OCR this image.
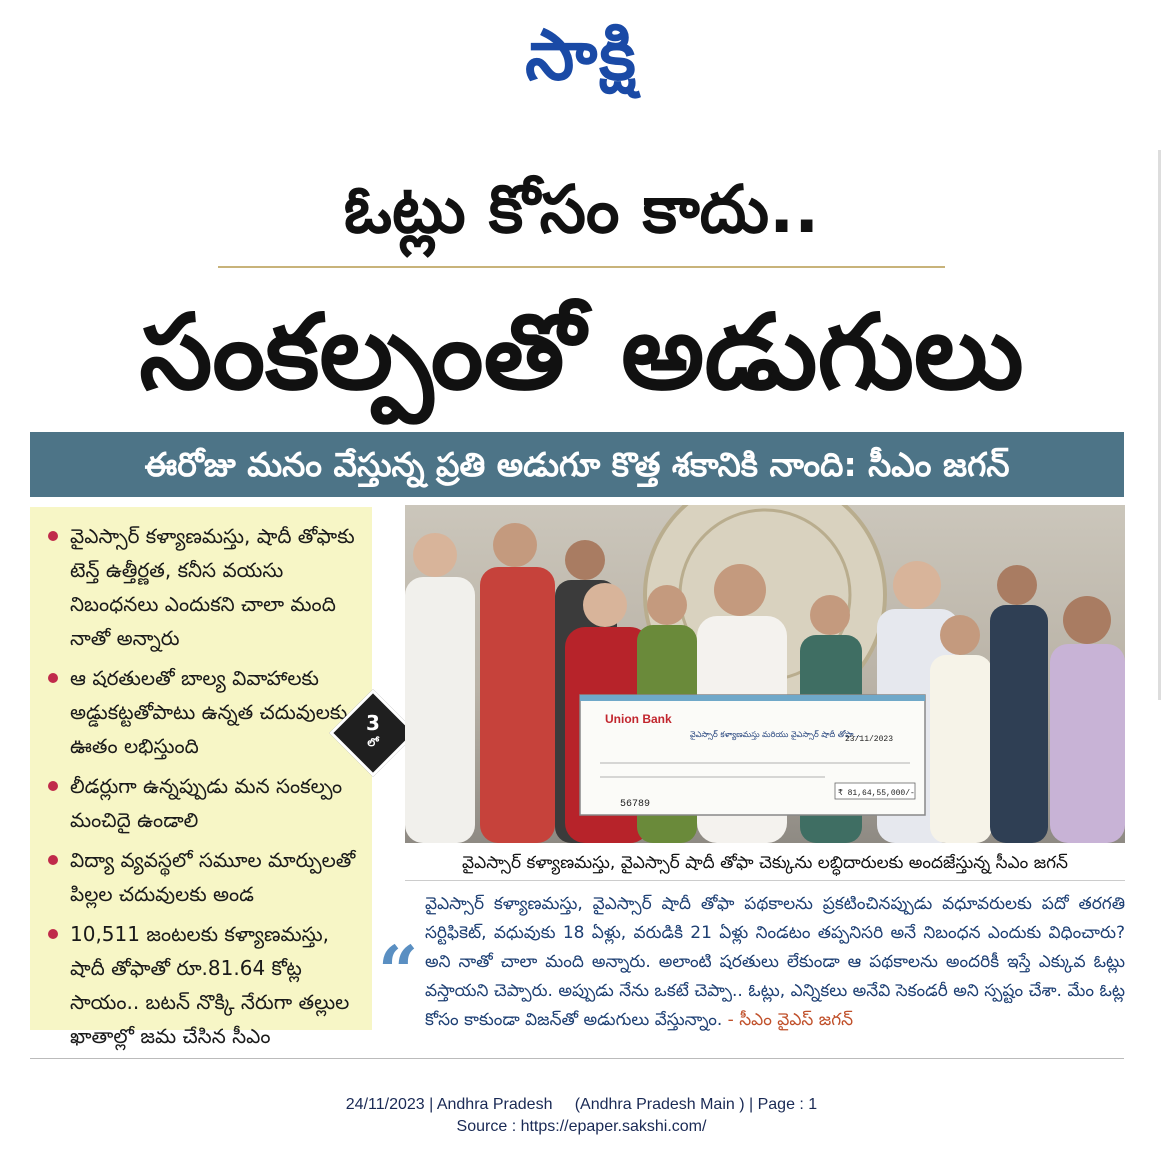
సాక్షి
ఓట్లు కోసం కాదు..
సంకల్పంతో అడుగులు
ఈరోజు మనం వేస్తున్న ప్రతి అడుగూ కొత్త శకానికి నాంది: సీఎం జగన్
వైఎస్సార్ కళ్యాణమస్తు, షాదీ తోఫాకు టెన్త్ ఉత్తీర్ణత, కనీస వయసు నిబంధనలు ఎందుకని చాలా మంది నాతో అన్నారు
ఆ షరతులతో బాల్య వివాహాలకు అడ్డుకట్టతోపాటు ఉన్నత చదువులకు ఊతం లభిస్తుంది
లీడర్లుగా ఉన్నప్పుడు మన సంకల్పం మంచిదై ఉండాలి
విద్యా వ్యవస్థలో సమూల మార్పులతో పిల్లల చదువులకు అండ
10,511 జంటలకు కళ్యాణమస్తు, షాదీ తోఫాతో రూ.81.64 కోట్ల సాయం.. బటన్ నొక్కి నేరుగా తల్లుల ఖాతాల్లో జమ చేసిన సీఎం
3
లో
Union Bank
వైఎస్సార్ కళ్యాణమస్తు మరియు వైఎస్సార్ షాదీ తోఫా...
23/11/2023
₹ 81,64,55,000/-
56789
వైఎస్సార్ కళ్యాణమస్తు, వైఎస్సార్ షాదీ తోఫా చెక్కును లబ్ధిదారులకు అందజేస్తున్న సీఎం జగన్
“
వైఎస్సార్ కళ్యాణమస్తు, వైఎస్సార్ షాదీ తోఫా పథకాలను ప్రకటించినప్పుడు వధూవరులకు పదో తరగతి సర్టిఫికెట్, వధువుకు 18 ఏళ్లు, వరుడికి 21 ఏళ్లు నిండటం తప్పనిసరి అనే నిబంధన ఎందుకు విధించారు? అని నాతో చాలా మంది అన్నారు. అలాంటి షరతులు లేకుండా ఆ పథకాలను అందరికీ ఇస్తే ఎక్కువ ఓట్లు వస్తాయని చెప్పారు. అప్పుడు నేను ఒకటే చెప్పా.. ఓట్లు, ఎన్నికలు అనేవి సెకండరీ అని స్పష్టం చేశా. మేం ఓట్ల కోసం కాకుండా విజన్‌తో అడుగులు వేస్తున్నాం. - సీఎం వైఎస్ జగన్
24/11/2023 | Andhra Pradesh     (Andhra Pradesh Main ) | Page : 1
Source : https://epaper.sakshi.com/
